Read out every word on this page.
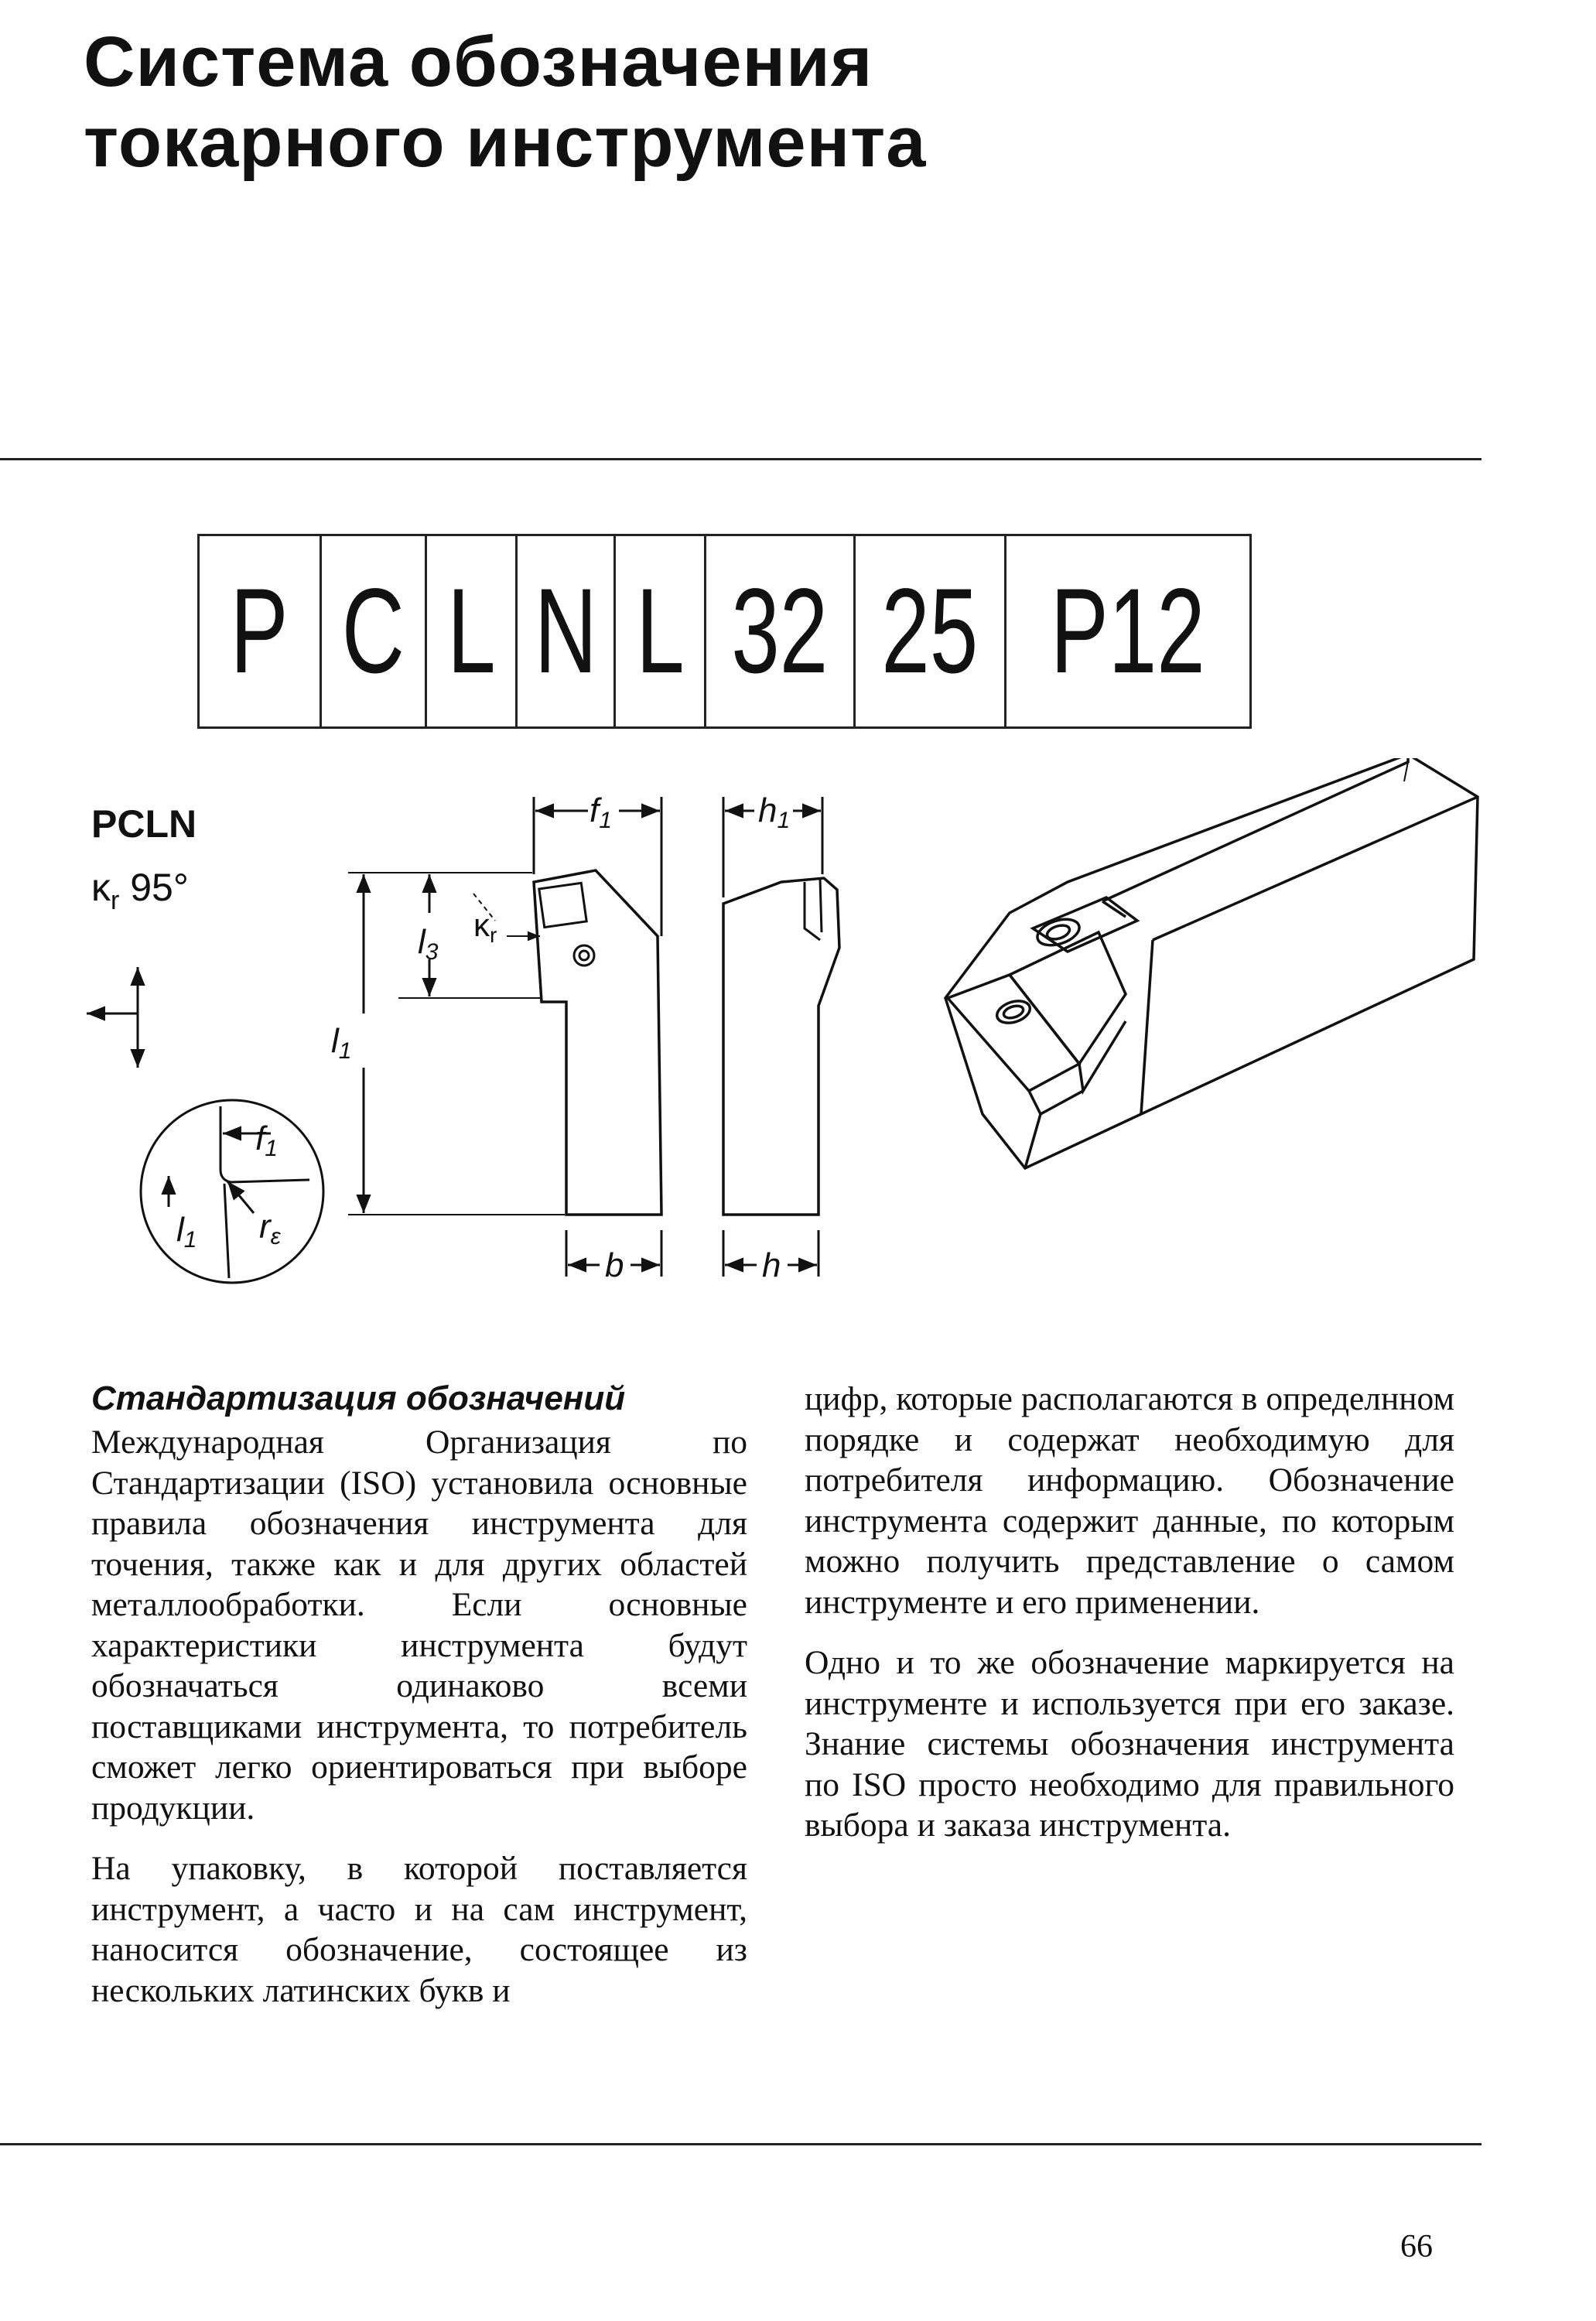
Система обозначения
токарного инструмента
P C L N L 32 25 P12
PCLN
$\kappa_r$ 95°
f1
l1 rε
f1
b
l3
l1
κr
h1
h
Стандартизация обозначений

Международная Организация по Стандартизации (ISO) установила основные правила обозначения инструмента для точения, также как и для других областей металлообработки. Если основные характеристики инструмента будут обозначаться одинаково всеми поставщиками инструмента, то потребитель сможет легко ориентироваться при выборе продукции.

На упаковку, в которой поставляется инструмент, а часто и на сам инструмент, наносится обозначение, состоящее из нескольких латинских букв и

цифр, которые располагаются в определнном порядке и содержат необходимую для потребителя информацию. Обозначение инструмента содержит данные, по которым можно получить представление о самом инструменте и его применении.

Одно и то же обозначение маркируется на инструменте и используется при его заказе. Знание системы обозначения инструмента по ISO просто необходимо для правильного выбора и заказа инструмента.

66
